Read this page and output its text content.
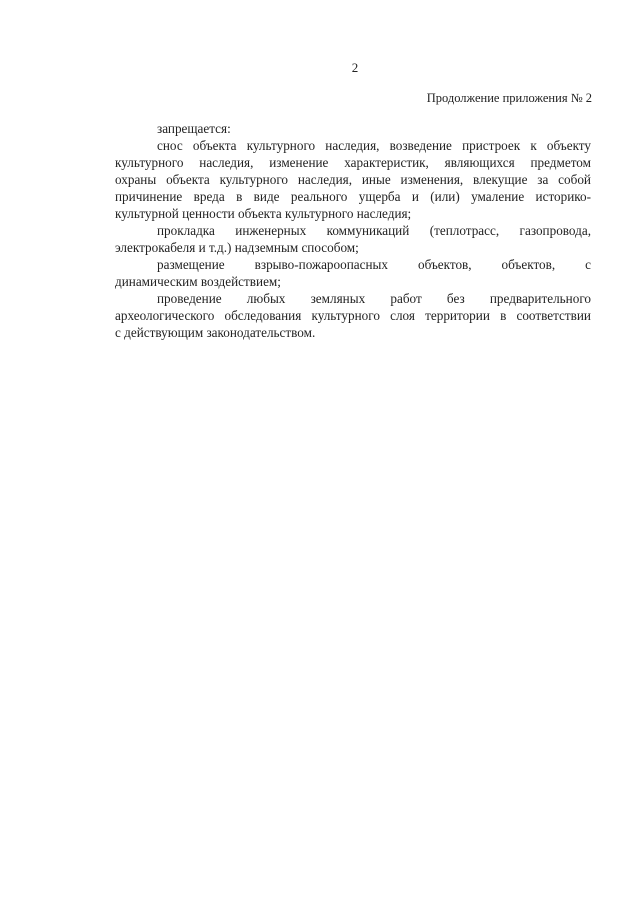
2
Продолжение приложения № 2
запрещается:
снос объекта культурного наследия, возведение пристроек к объекту
культурного наследия, изменение характеристик, являющихся предметом
охраны объекта культурного наследия, иные изменения, влекущие за собой
причинение вреда в виде реального ущерба и (или) умаление историко-
культурной ценности объекта культурного наследия;
прокладка инженерных коммуникаций (теплотрасс, газопровода,
электрокабеля и т.д.) надземным способом;
размещение взрыво-пожароопасных объектов, объектов, с
динамическим воздействием;
проведение любых земляных работ без предварительного
археологического обследования культурного слоя территории в соответствии
с действующим законодательством.
